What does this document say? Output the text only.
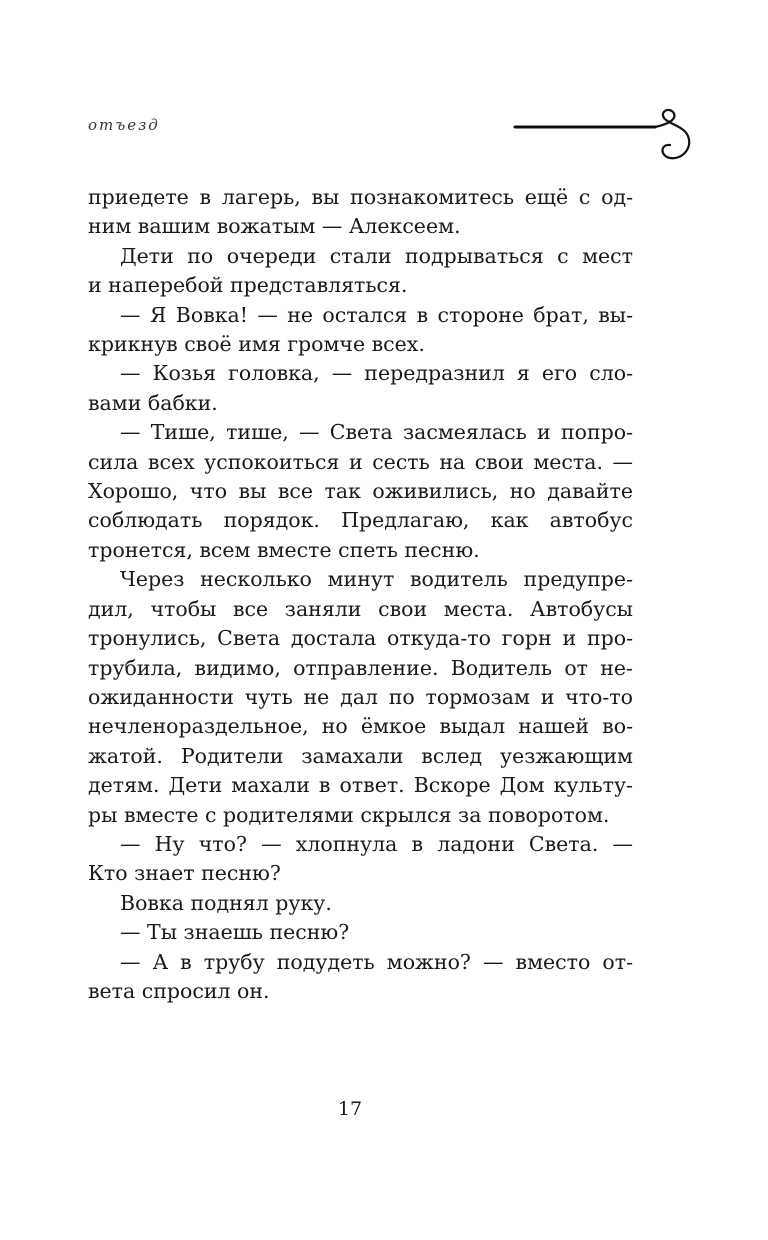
отъезд
приедете в лагерь, вы познакомитесь ещё с од-
ним вашим вожатым — Алексеем.
Дети по очереди стали подрываться с мест
и наперебой представляться.
— Я Вовка! — не остался в стороне брат, вы-
крикнув своё имя громче всех.
— Козья головка, — передразнил я его сло-
вами бабки.
— Тише, тише, — Света засмеялась и попро-
сила всех успокоиться и сесть на свои места. —
Хорошо, что вы все так оживились, но давайте
соблюдать порядок. Предлагаю, как автобус
тронется, всем вместе спеть песню.
Через несколько минут водитель предупре-
дил, чтобы все заняли свои места. Автобусы
тронулись, Света достала откуда-то горн и про-
трубила, видимо, отправление. Водитель от не-
ожиданности чуть не дал по тормозам и что-то
нечленораздельное, но ёмкое выдал нашей во-
жатой. Родители замахали вслед уезжающим
детям. Дети махали в ответ. Вскоре Дом культу-
ры вместе с родителями скрылся за поворотом.
— Ну что? — хлопнула в ладони Света. —
Кто знает песню?
Вовка поднял руку.
— Ты знаешь песню?
— А в трубу подудеть можно? — вместо от-
вета спросил он.
17
